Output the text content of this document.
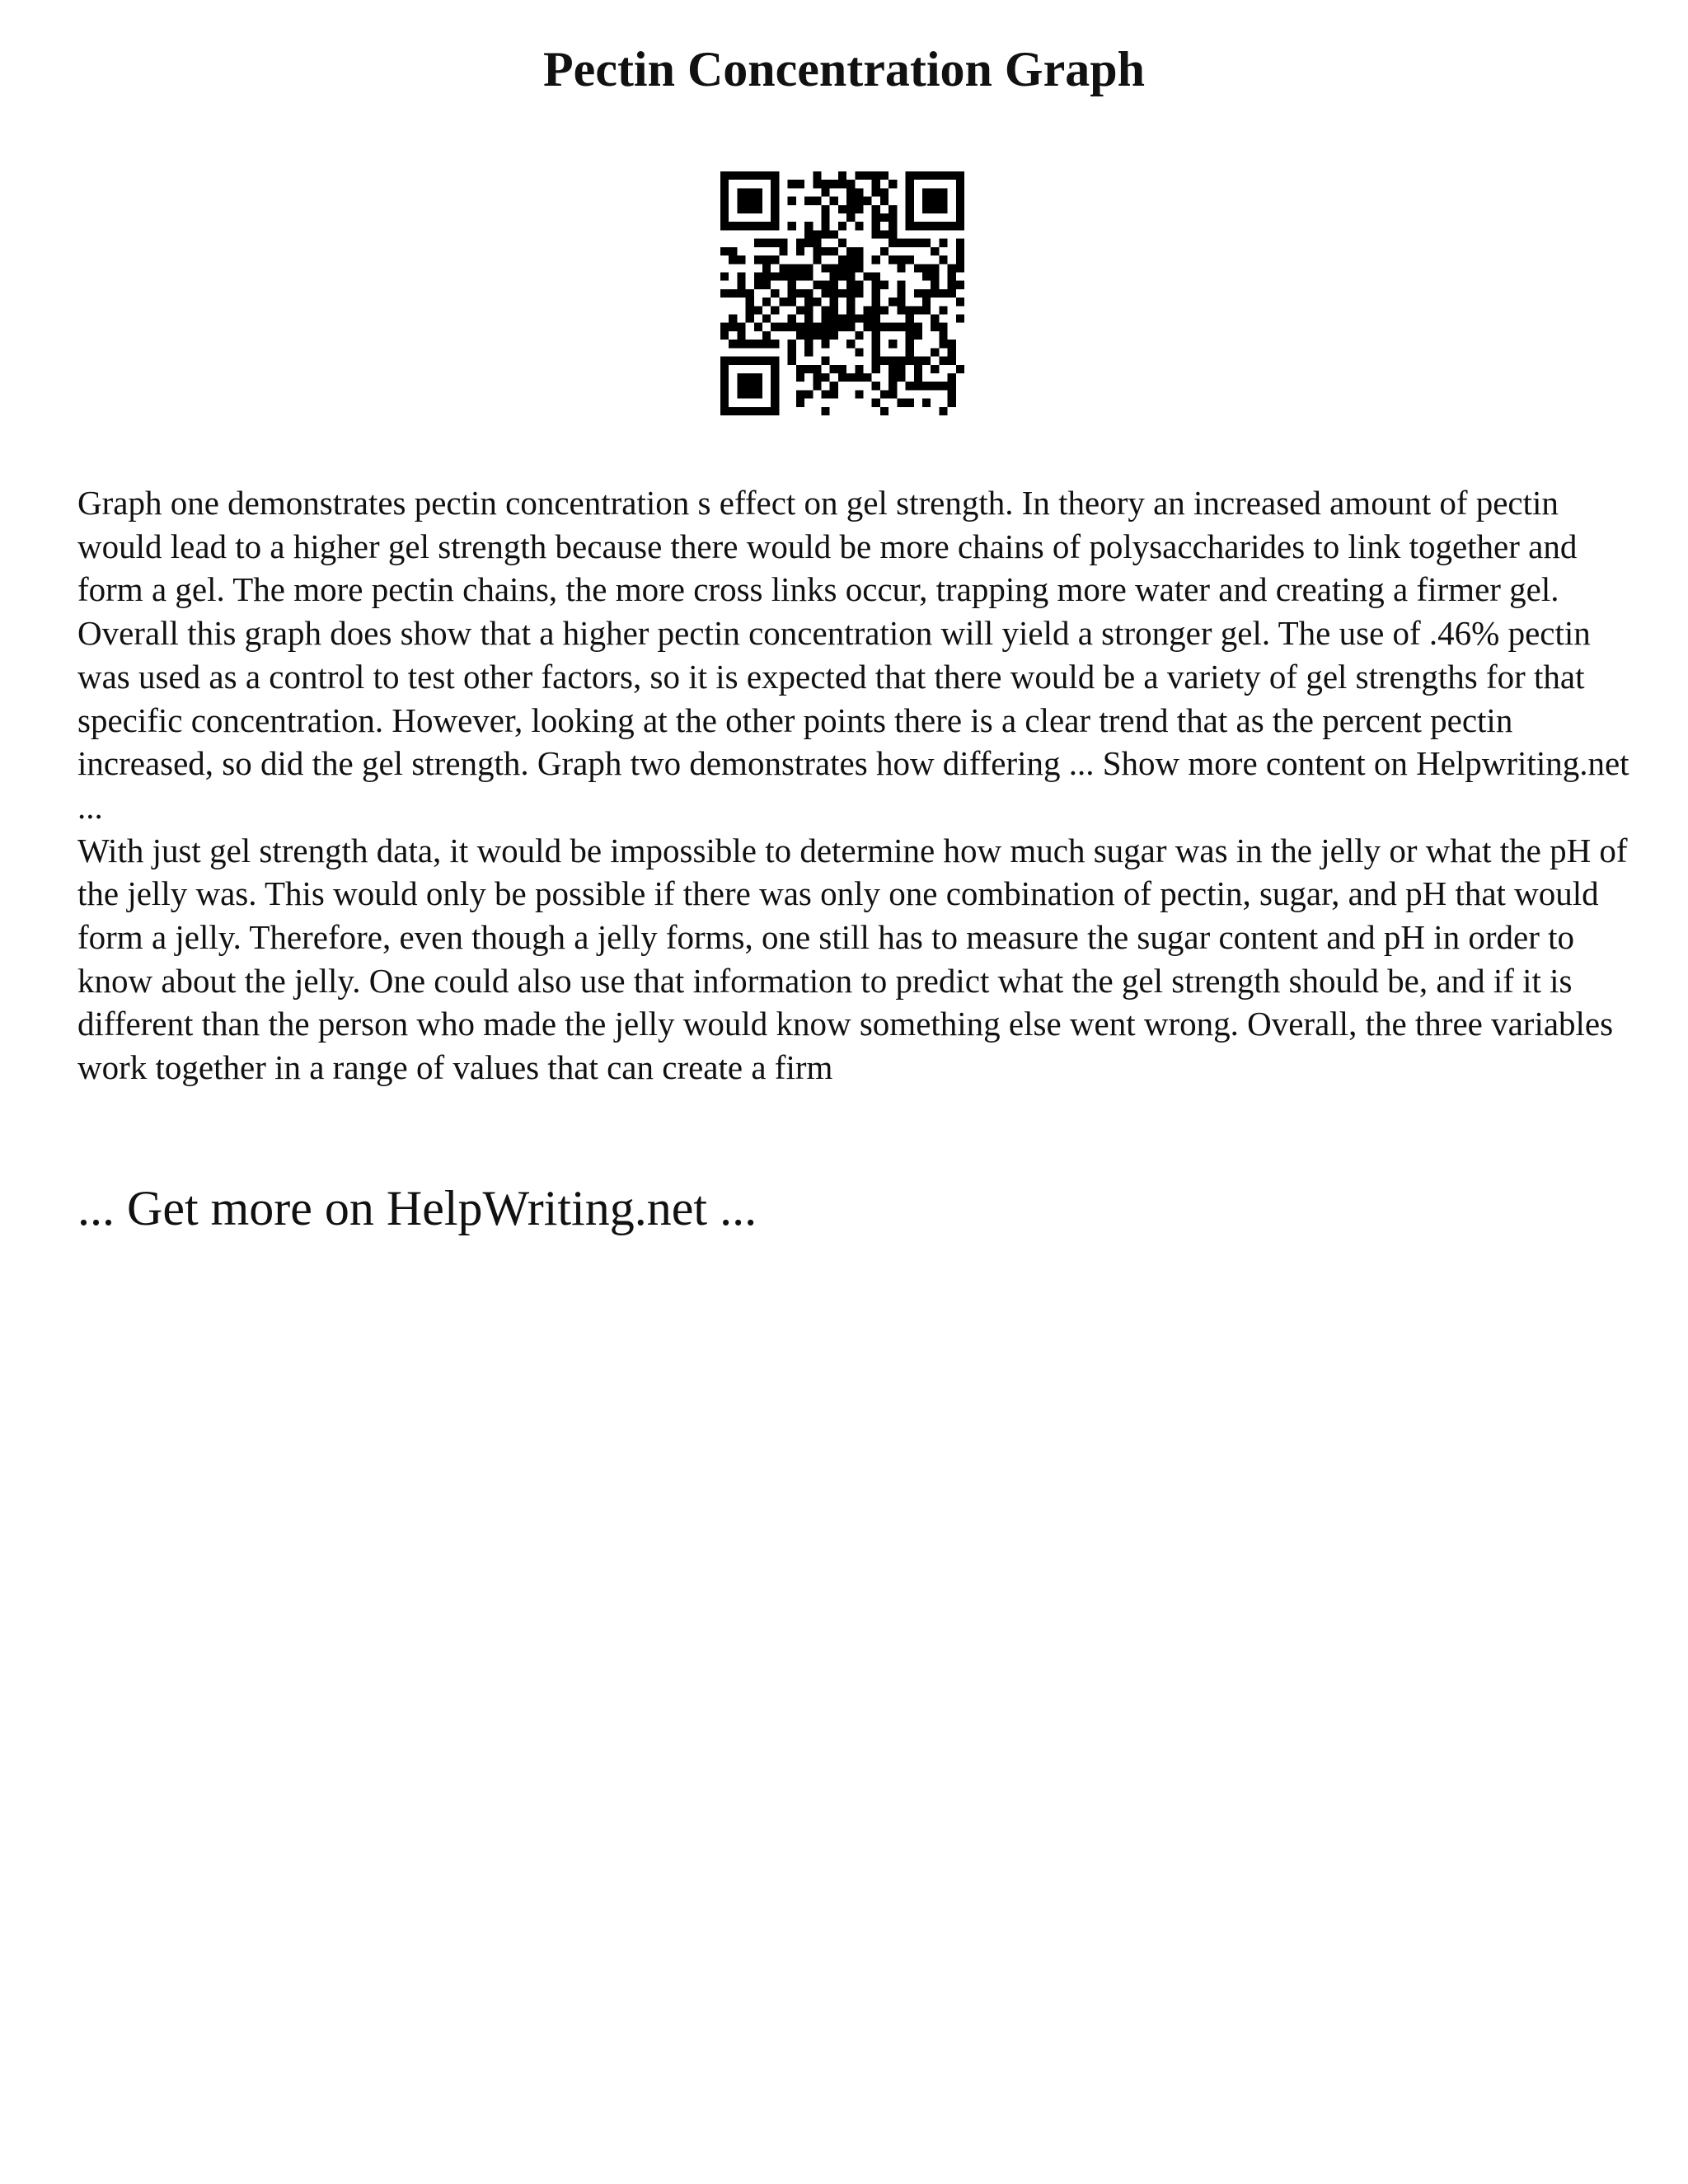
Pectin Concentration Graph

Graph one demonstrates pectin concentration s effect on gel strength. In theory an increased amount of pectin would lead to a higher gel strength because there would be more chains of polysaccharides to link together and form a gel. The more pectin chains, the more cross links occur, trapping more water and creating a firmer gel. Overall this graph does show that a higher pectin concentration will yield a stronger gel. The use of .46% pectin was used as a control to test other factors, so it is expected that there would be a variety of gel strengths for that specific concentration. However, looking at the other points there is a clear trend that as the percent pectin increased, so did the gel strength. Graph two demonstrates how differing ... Show more content on Helpwriting.net ...

With just gel strength data, it would be impossible to determine how much sugar was in the jelly or what the pH of the jelly was. This would only be possible if there was only one combination of pectin, sugar, and pH that would form a jelly. Therefore, even though a jelly forms, one still has to measure the sugar content and pH in order to know about the jelly. One could also use that information to predict what the gel strength should be, and if it is different than the person who made the jelly would know something else went wrong. Overall, the three variables work together in a range of values that can create a firm

... Get more on HelpWriting.net ...
